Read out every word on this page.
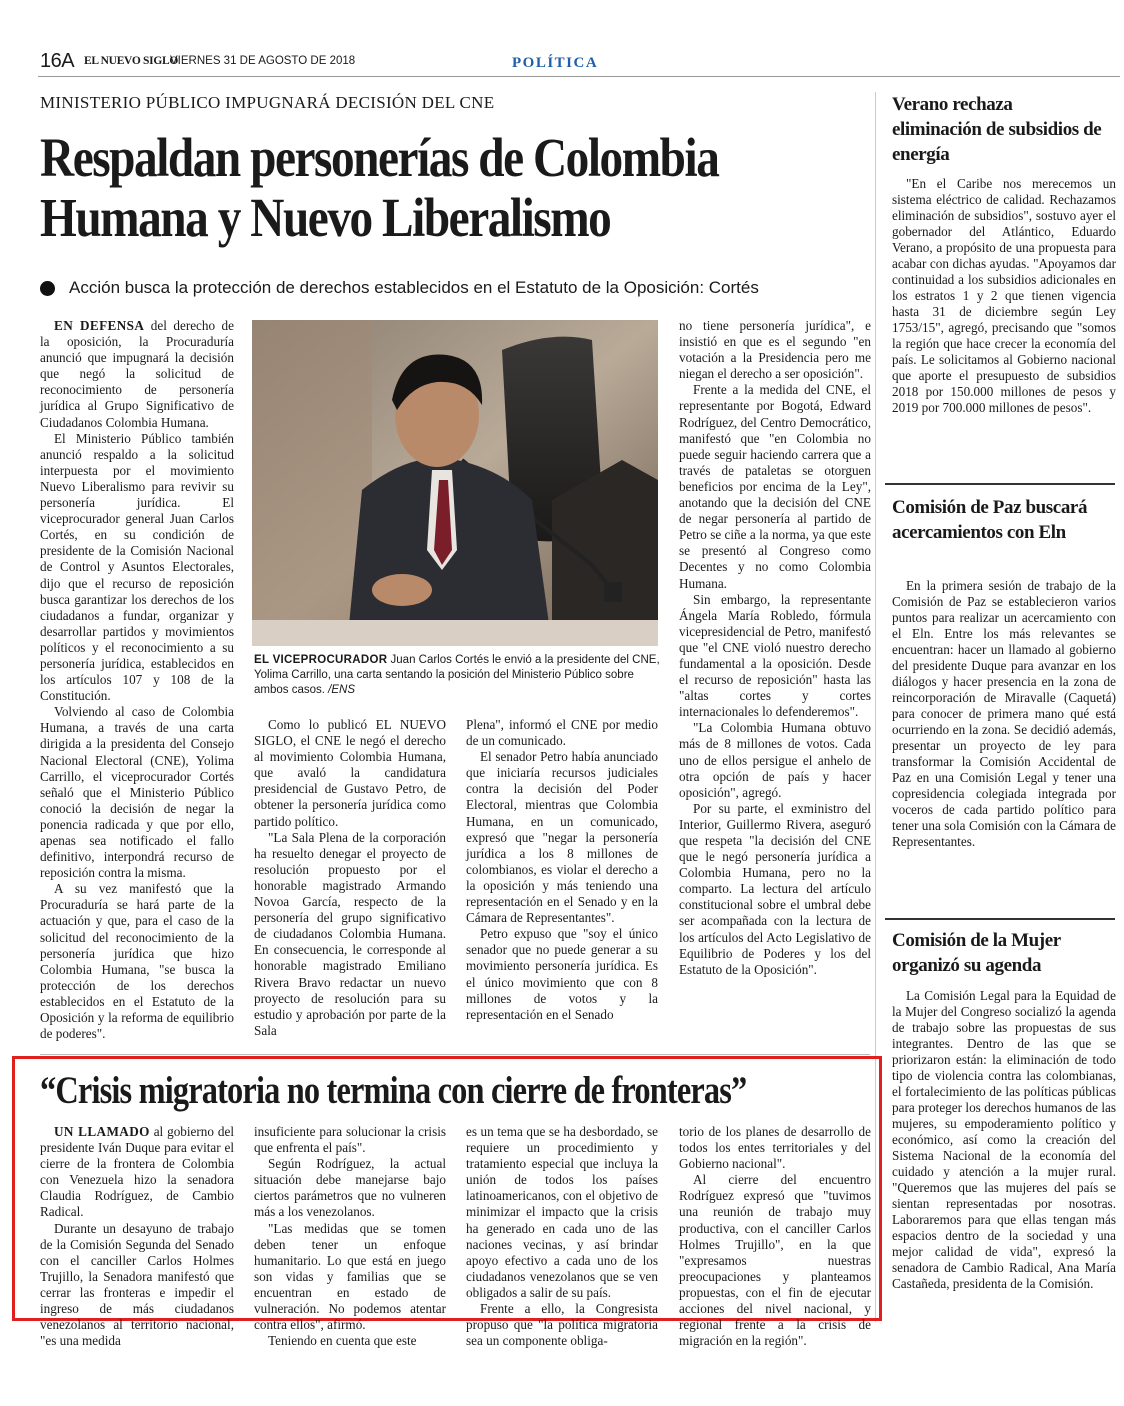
16A EL NUEVO SIGLO
VIERNES 31 DE AGOSTO DE 2018	POLÍTICA
MINISTERIO PÚBLICO IMPUGNARÁ DECISIÓN DEL CNE
Respaldan personerías de Colombia
Humana y Nuevo Liberalismo
Acción busca la protección de derechos establecidos en el Estatuto de la Oposición: Cortés

EN DEFENSA del derecho de la oposición, la Procuraduría anunció que impugnará la decisión que negó la solicitud de reconocimiento de personería jurídica al Grupo Significativo de Ciudadanos Colombia Humana.

El Ministerio Público también anunció respaldo a la solicitud interpuesta por el movimiento Nuevo Liberalismo para revivir su personería jurídica. El viceprocurador general Juan Carlos Cortés, en su condición de presidente de la Comisión Nacional de Control y Asuntos Electorales, dijo que el recurso de reposición busca garantizar los derechos de los ciudadanos a fundar, organizar y desarrollar partidos y movimientos políticos y el reconocimiento a su personería jurídica, establecidos en los artículos 107 y 108 de la Constitución.

Volviendo al caso de Colombia Humana, a través de una carta dirigida a la presidenta del Consejo Nacional Electoral (CNE), Yolima Carrillo, el viceprocurador Cortés señaló que el Ministerio Público conoció la decisión de negar la ponencia radicada y que por ello, apenas sea notificado el fallo definitivo, interpondrá recurso de reposición contra la misma.

A su vez manifestó que la Procuraduría se hará parte de la actuación y que, para el caso de la solicitud del reconocimiento de la personería jurídica que hizo Colombia Humana, "se busca la protección de los derechos establecidos en el Estatuto de la Oposición y la reforma de equilibrio de poderes".

EL VICEPROCURADOR Juan Carlos Cortés le envió a la presidente del CNE, Yolima Carrillo, una carta sentando la posición del Ministerio Público sobre ambos casos. /ENS

Como lo publicó EL NUEVO SIGLO, el CNE le negó el derecho al movimiento Colombia Humana, que avaló la candidatura presidencial de Gustavo Petro, de obtener la personería jurídica como partido político.

"La Sala Plena de la corporación ha resuelto denegar el proyecto de resolución propuesto por el honorable magistrado Armando Novoa García, respecto de la personería del grupo significativo de ciudadanos Colombia Humana. En consecuencia, le corresponde al honorable magistrado Emiliano Rivera Bravo redactar un nuevo proyecto de resolución para su estudio y aprobación por parte de la Sala

Plena", informó el CNE por medio de un comunicado.

El senador Petro había anunciado que iniciaría recursos judiciales contra la decisión del Poder Electoral, mientras que Colombia Humana, en un comunicado, expresó que "negar la personería jurídica a los 8 millones de colombianos, es violar el derecho a la oposición y más teniendo una representación en el Senado y en la Cámara de Representantes".

Petro expuso que "soy el único senador que no puede generar a su movimiento personería jurídica. Es el único movimiento que con 8 millones de votos y la representación en el Senado

no tiene personería jurídica", e insistió en que es el segundo "en votación a la Presidencia pero me niegan el derecho a ser oposición".

Frente a la medida del CNE, el representante por Bogotá, Edward Rodríguez, del Centro Democrático, manifestó que "en Colombia no puede seguir haciendo carrera que a través de pataletas se otorguen beneficios por encima de la Ley", anotando que la decisión del CNE de negar personería al partido de Petro se ciñe a la norma, ya que este se presentó al Congreso como Decentes y no como Colombia Humana.

Sin embargo, la representante Ángela María Robledo, fórmula vicepresidencial de Petro, manifestó que "el CNE violó nuestro derecho fundamental a la oposición. Desde el recurso de reposición" hasta las "altas cortes y cortes internacionales lo defenderemos".

"La Colombia Humana obtuvo más de 8 millones de votos. Cada uno de ellos persigue el anhelo de otra opción de país y hacer oposición", agregó.

Por su parte, el exministro del Interior, Guillermo Rivera, aseguró que respeta "la decisión del CNE que le negó personería jurídica a Colombia Humana, pero no la comparto. La lectura del artículo constitucional sobre el umbral debe ser acompañada con la lectura de los artículos del Acto Legislativo de Equilibrio de Poderes y los del Estatuto de la Oposición".

Verano rechaza eliminación de subsidios de energía

"En el Caribe nos merecemos un sistema eléctrico de calidad. Rechazamos eliminación de subsidios", sostuvo ayer el gobernador del Atlántico, Eduardo Verano, a propósito de una propuesta para acabar con dichas ayudas. "Apoyamos dar continuidad a los subsidios adicionales en los estratos 1 y 2 que tienen vigencia hasta 31 de diciembre según Ley 1753/15", agregó, precisando que "somos la región que hace crecer la economía del país. Le solicitamos al Gobierno nacional que aporte el presupuesto de subsidios 2018 por 150.000 millones de pesos y 2019 por 700.000 millones de pesos".

Comisión de Paz buscará acercamientos con Eln

En la primera sesión de trabajo de la Comisión de Paz se establecieron varios puntos para realizar un acercamiento con el Eln. Entre los más relevantes se encuentran: hacer un llamado al gobierno del presidente Duque para avanzar en los diálogos y hacer presencia en la zona de reincorporación de Miravalle (Caquetá) para conocer de primera mano qué está ocurriendo en la zona. Se decidió además, presentar un proyecto de ley para transformar la Comisión Accidental de Paz en una Comisión Legal y tener una copresidencia colegiada integrada por voceros de cada partido político para tener una sola Comisión con la Cámara de Representantes.

Comisión de la Mujer organizó su agenda

La Comisión Legal para la Equidad de la Mujer del Congreso socializó la agenda de trabajo sobre las propuestas de sus integrantes. Dentro de las que se priorizaron están: la eliminación de todo tipo de violencia contra las colombianas, el fortalecimiento de las políticas públicas para proteger los derechos humanos de las mujeres, su empoderamiento político y económico, así como la creación del Sistema Nacional de la economía del cuidado y atención a la mujer rural. "Queremos que las mujeres del país se sientan representadas por nosotras. Laboraremos para que ellas tengan más espacios dentro de la sociedad y una mejor calidad de vida", expresó la senadora de Cambio Radical, Ana María Castañeda, presidenta de la Comisión.

“Crisis migratoria no termina con cierre de fronteras”

UN LLAMADO al gobierno del presidente Iván Duque para evitar el cierre de la frontera de Colombia con Venezuela hizo la senadora Claudia Rodríguez, de Cambio Radical.

Durante un desayuno de trabajo de la Comisión Segunda del Senado con el canciller Carlos Holmes Trujillo, la Senadora manifestó que cerrar las fronteras e impedir el ingreso de más ciudadanos venezolanos al territorio nacional, "es una medida

insuficiente para solucionar la crisis que enfrenta el país".

Según Rodríguez, la actual situación debe manejarse bajo ciertos parámetros que no vulneren más a los venezolanos.

"Las medidas que se tomen deben tener un enfoque humanitario. Lo que está en juego son vidas y familias que se encuentran en estado de vulneración. No podemos atentar contra ellos", afirmó.

Teniendo en cuenta que este

es un tema que se ha desbordado, se requiere un procedimiento y tratamiento especial que incluya la unión de todos los países latinoamericanos, con el objetivo de minimizar el impacto que la crisis ha generado en cada uno de las naciones vecinas, y así brindar apoyo efectivo a cada uno de los ciudadanos venezolanos que se ven obligados a salir de su país.

Frente a ello, la Congresista propuso que "la política migratoria sea un componente obliga-

torio de los planes de desarrollo de todos los entes territoriales y del Gobierno nacional".

Al cierre del encuentro Rodríguez expresó que "tuvimos una reunión de trabajo muy productiva, con el canciller Carlos Holmes Trujillo", en la que "expresamos nuestras preocupaciones y planteamos propuestas, con el fin de ejecutar acciones del nivel nacional, y regional frente a la crisis de migración en la región".
